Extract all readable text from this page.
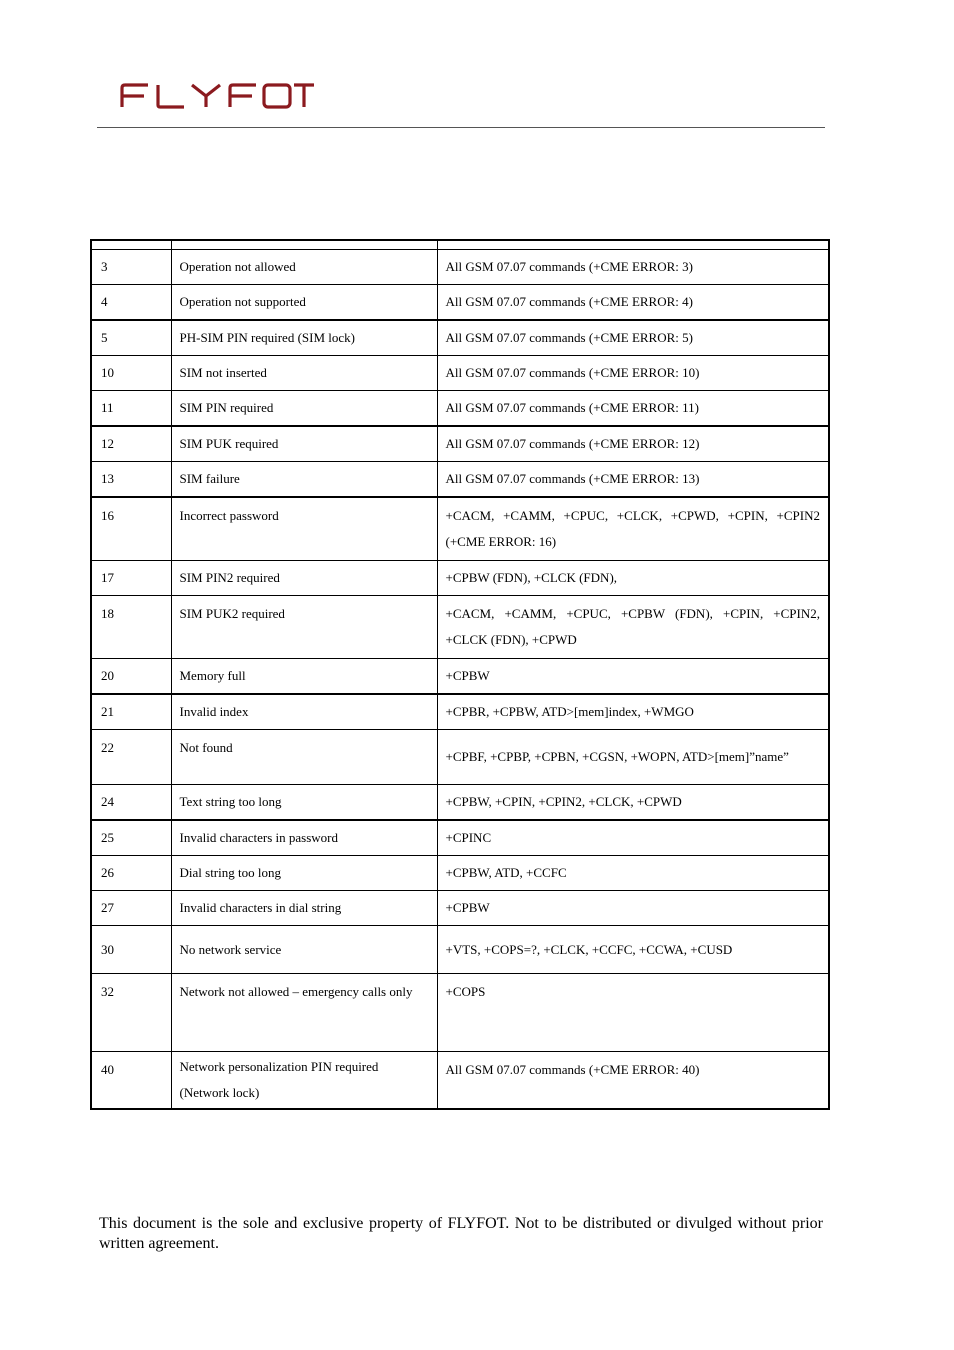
3	Operation not allowed	All GSM 07.07 commands (+CME ERROR: 3)
4	Operation not supported	All GSM 07.07 commands (+CME ERROR: 4)
5	PH-SIM PIN required (SIM lock)	All GSM 07.07 commands (+CME ERROR: 5)
10	SIM not inserted	All GSM 07.07 commands (+CME ERROR: 10)
11	SIM PIN required	All GSM 07.07 commands (+CME ERROR: 11)
12	SIM PUK required	All GSM 07.07 commands (+CME ERROR: 12)
13	SIM failure	All GSM 07.07 commands (+CME ERROR: 13)
16	Incorrect password	+CACM, +CAMM, +CPUC, +CLCK, +CPWD, +CPIN, +CPIN2 (+CME ERROR: 16)
17	SIM PIN2 required	+CPBW (FDN), +CLCK (FDN),
18	SIM PUK2 required	+CACM, +CAMM, +CPUC, +CPBW (FDN), +CPIN, +CPIN2, +CLCK (FDN), +CPWD
20	Memory full	+CPBW
21	Invalid index	+CPBR, +CPBW, ATD>[mem]index, +WMGO
22	Not found	+CPBF, +CPBP, +CPBN, +CGSN, +WOPN, ATD>[mem]”name”
24	Text string too long	+CPBW, +CPIN, +CPIN2, +CLCK, +CPWD
25	Invalid characters in password	+CPINC
26	Dial string too long	+CPBW, ATD, +CCFC
27	Invalid characters in dial string	+CPBW
30	No network service	+VTS, +COPS=?, +CLCK, +CCFC, +CCWA, +CUSD
32	Network not allowed – emergency calls only	+COPS
40	Network personalization PIN required (Network lock)	All GSM 07.07 commands (+CME ERROR: 40)
This document is the sole and exclusive property of FLYFOT. Not to be distributed or divulged without prior written agreement.
